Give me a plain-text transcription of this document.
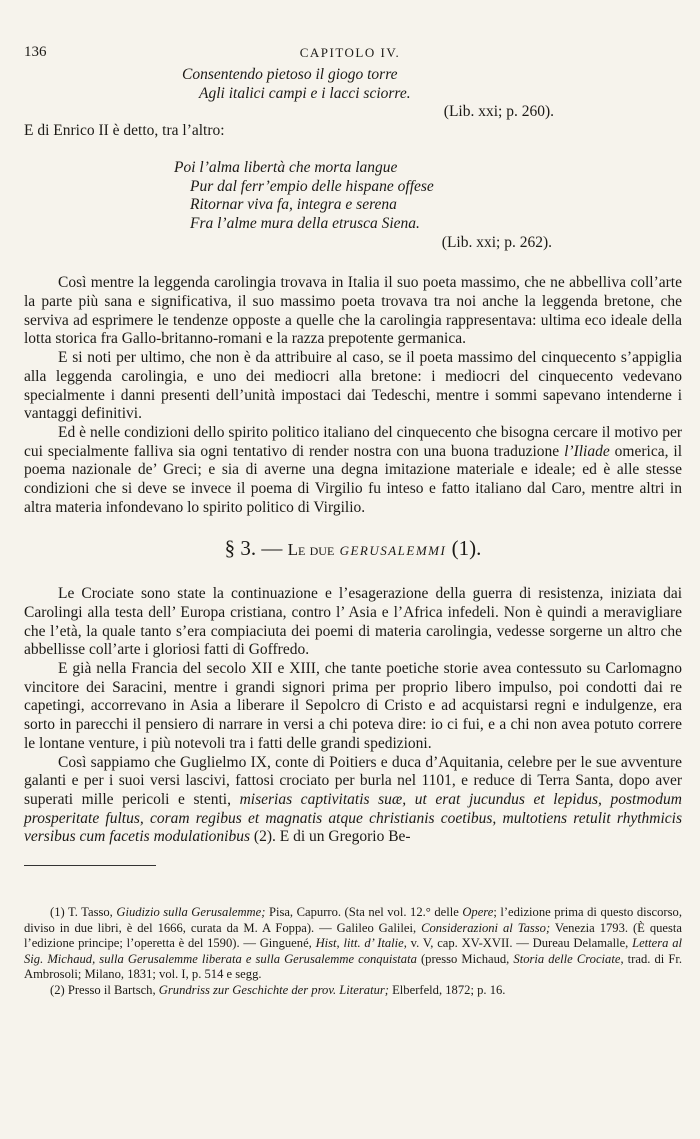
136	CAPITOLO IV.
Consentendo pietoso il giogo torre
Agli italici campi e i lacci sciorre.
(Lib. xxi; p. 260).

E di Enrico II è detto, tra l’altro:

Poi l’alma libertà che morta langue
Pur dal ferr’empio delle hispane offese
Ritornar viva fa, integra e serena
Fra l’alme mura della etrusca Siena.
(Lib. xxi; p. 262).

Così mentre la leggenda carolingia trovava in Italia il suo poeta massimo, che ne abbelliva coll’arte la parte più sana e significativa, il suo massimo poeta trovava tra noi anche la leggenda bretone, che serviva ad esprimere le tendenze opposte a quelle che la carolingia rappresentava: ultima eco ideale della lotta storica fra Gallo-britanno-romani e la razza prepotente germanica.

E si noti per ultimo, che non è da attribuire al caso, se il poeta massimo del cinquecento s’appiglia alla leggenda carolingia, e uno dei mediocri alla bretone: i mediocri del cinquecento vedevano specialmente i danni presenti dell’unità impostaci dai Tedeschi, mentre i sommi sapevano intenderne i vantaggi definitivi.

Ed è nelle condizioni dello spirito politico italiano del cinquecento che bisogna cercare il motivo per cui specialmente falliva sia ogni tentativo di render nostra con una buona traduzione l’Iliade omerica, il poema nazionale de’ Greci; e sia di averne una degna imitazione materiale e ideale; ed è alle stesse condizioni che si deve se invece il poema di Virgilio fu inteso e fatto italiano dal Caro, mentre altri in altra materia infondevano lo spirito politico di Virgilio.

§ 3. — Le due GERUSALEMMI (1).

Le Crociate sono state la continuazione e l’esagerazione della guerra di resistenza, iniziata dai Carolingi alla testa dell’ Europa cristiana, contro l’ Asia e l’Africa infedeli. Non è quindi a meravigliare che l’età, la quale tanto s’era compiaciuta dei poemi di materia carolingia, vedesse sorgerne un altro che abbellisse coll’arte i gloriosi fatti di Goffredo.

E già nella Francia del secolo XII e XIII, che tante poetiche storie avea contessuto su Carlomagno vincitore dei Saracini, mentre i grandi signori prima per proprio libero impulso, poi condotti dai re capetingi, accorrevano in Asia a liberare il Sepolcro di Cristo e ad acquistarsi regni e indulgenze, era sorto in parecchi il pensiero di narrare in versi a chi poteva dire: io ci fui, e a chi non avea potuto correre le lontane venture, i più notevoli tra i fatti delle grandi spedizioni.

Così sappiamo che Guglielmo IX, conte di Poitiers e duca d’Aquitania, celebre per le sue avventure galanti e per i suoi versi lascivi, fattosi crociato per burla nel 1101, e reduce di Terra Santa, dopo aver superati mille pericoli e stenti, miserias captivitatis suæ, ut erat jucundus et lepidus, postmodum prosperitate fultus, coram regibus et magnatis atque christianis coetibus, multotiens retulit rhythmicis versibus cum facetis modulationibus (2). E di un Gregorio Be-

(1) T. Tasso, Giudizio sulla Gerusalemme; Pisa, Capurro. (Sta nel vol. 12.° delle Opere; l’edizione prima di questo discorso, diviso in due libri, è del 1666, curata da M. A Foppa). — Galileo Galilei, Considerazioni al Tasso; Venezia 1793. (È questa l’edizione principe; l’operetta è del 1590). — Ginguené, Hist, litt. d’ Italie, v. V, cap. XV-XVII. — Dureau Delamalle, Lettera al Sig. Michaud, sulla Gerusalemme liberata e sulla Gerusalemme conquistata (presso Michaud, Storia delle Crociate, trad. di Fr. Ambrosoli; Milano, 1831; vol. I, p. 514 e segg.

(2) Presso il Bartsch, Grundriss zur Geschichte der prov. Literatur; Elberfeld, 1872; p. 16.
